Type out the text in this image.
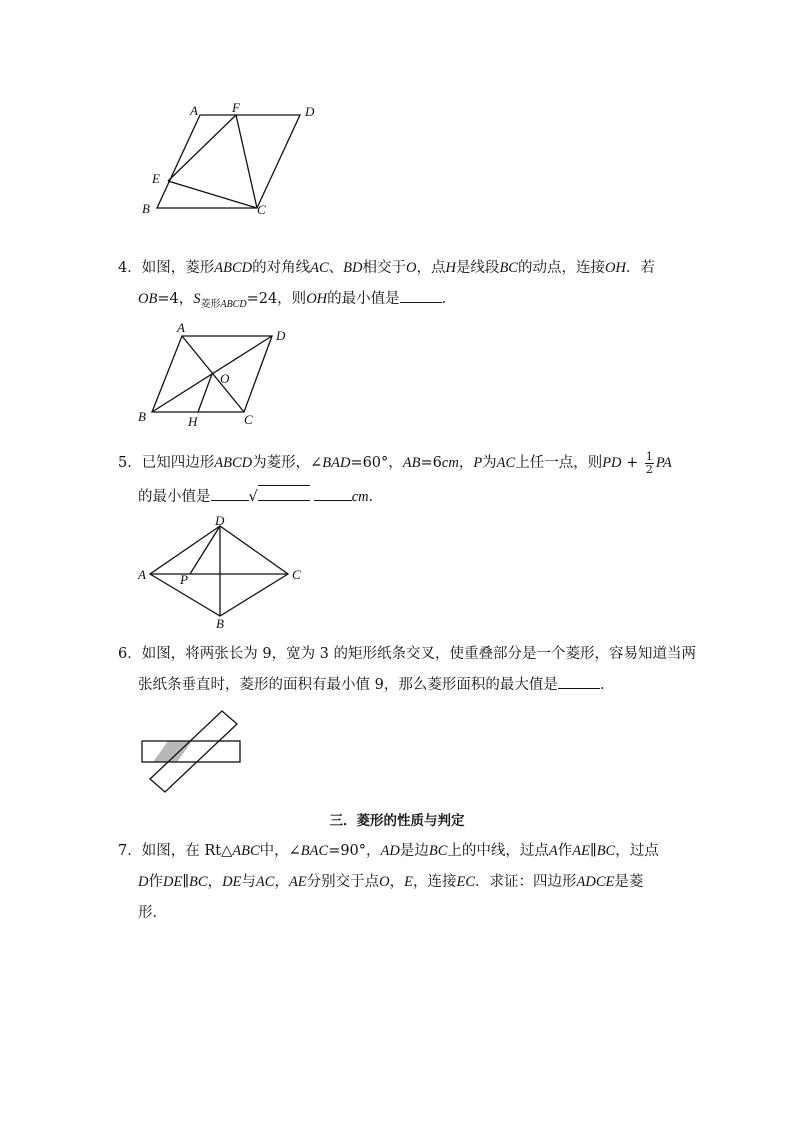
A	F	D
E
B	C
4．如图，菱形ABCD的对角线AC、BD相交于O，点H是线段BC的动点，连接OH．若
OB=4，$S_{菱形ABCD}=24$，则OH的最小值是	．
A
D
O
B	H	C
5．已知四边形ABCD为菱形，∠BAD=60°，AB=6cm，P为AC上任一点，则PD + $\frac{1}{2}$ PA
的最小值是	√	cm．
D
A	P	C
B
6．如图，将两张长为 9，宽为 3 的矩形纸条交叉，使重叠部分是一个菱形，容易知道当两
张纸条垂直时，菱形的面积有最小值 9，那么菱形面积的最大值是	．
三．菱形的性质与判定
7．如图，在 Rt△ABC中，∠BAC=90°，AD是边BC上的中线，过点A作AE∥BC，过点
D作DE∥BC，DE与AC，AE分别交于点O，E，连接EC．求证：四边形ADCE是菱
形．
